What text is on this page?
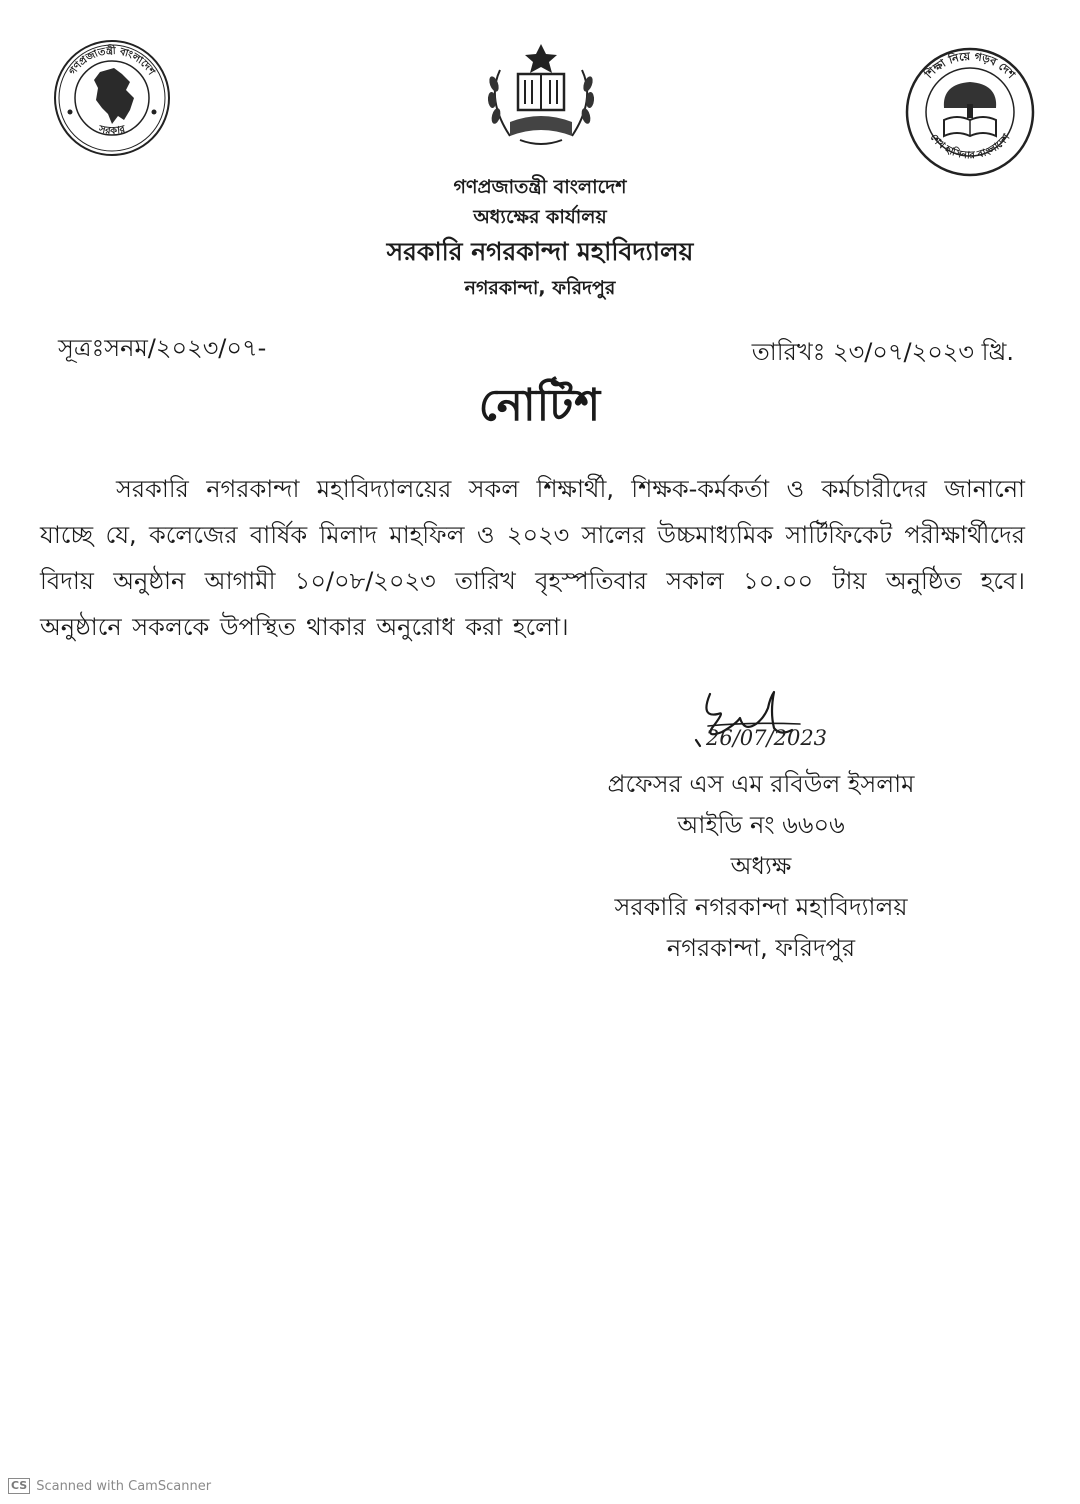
গণপ্রজাতন্ত্রী বাংলাদেশ
সরকার
শিক্ষা নিয়ে গড়ব দেশ
শেখ হাসিনার বাংলাদেশ
গণপ্রজাতন্ত্রী বাংলাদেশ
অধ্যক্ষের কার্যালয়
সরকারি নগরকান্দা মহাবিদ্যালয়
নগরকান্দা, ফরিদপুর
সূত্রঃসনম/২০২৩/০৭-	তারিখঃ ২৩/০৭/২০২৩ খ্রি.
নোটিশ
সরকারি নগরকান্দা মহাবিদ্যালয়ের সকল শিক্ষার্থী, শিক্ষক-কর্মকর্তা ও কর্মচারীদের জানানো যাচ্ছে যে, কলেজের বার্ষিক মিলাদ মাহফিল ও ২০২৩ সালের উচ্চমাধ্যমিক সার্টিফিকেট পরীক্ষার্থীদের বিদায় অনুষ্ঠান আগামী ১০/০৮/২০২৩ তারিখ বৃহস্পতিবার সকাল ১০.০০ টায় অনুষ্ঠিত হবে। অনুষ্ঠানে সকলকে উপস্থিত থাকার অনুরোধ করা হলো।
26/07/2023
প্রফেসর এস এম রবিউল ইসলাম
আইডি নং ৬৬০৬
অধ্যক্ষ
সরকারি নগরকান্দা মহাবিদ্যালয়
নগরকান্দা, ফরিদপুর
CS Scanned with CamScanner
